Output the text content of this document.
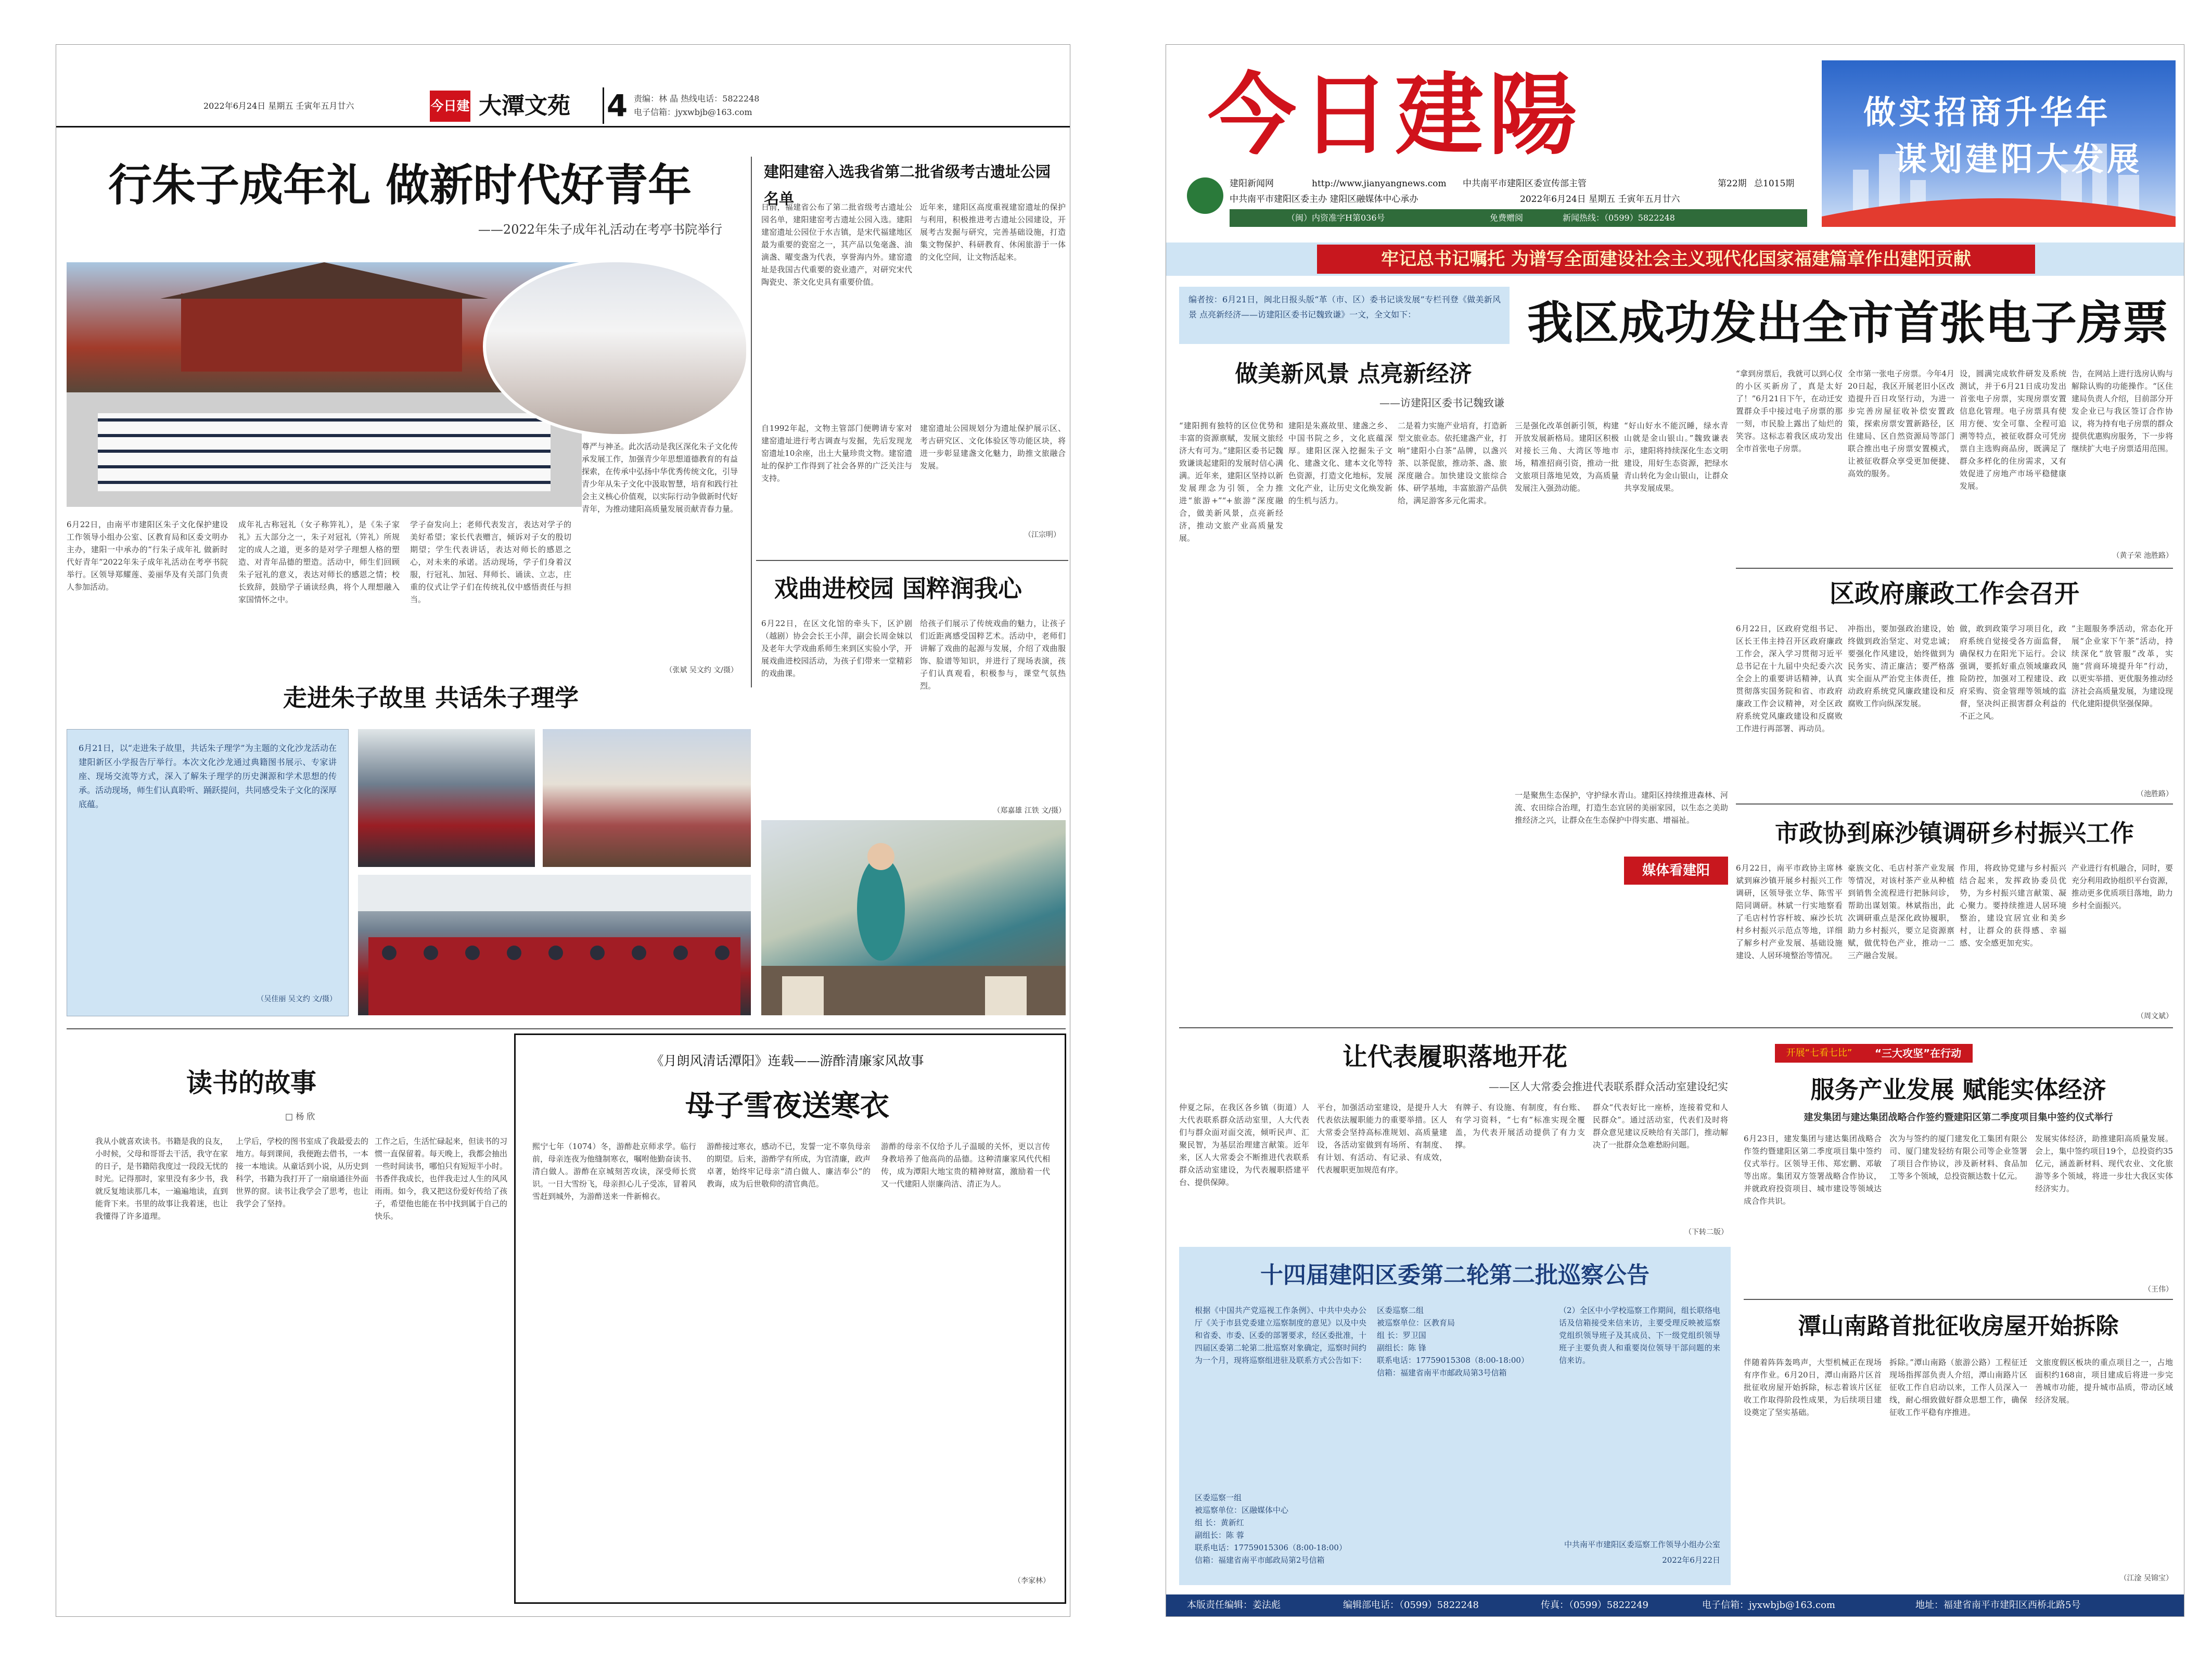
2022年6月24日 星期五 壬寅年五月廿六	今日建陽
大潭文苑	4 责编：林 晶 热线电话：5822248
电子信箱：jyxwbjb@163.com
行朱子成年礼 做新时代好青年
——2022年朱子成年礼活动在考亭书院举行
6月22日，由南平市建阳区朱子文化保护建设工作领导小组办公室、区教育局和区委文明办主办，建阳一中承办的“行朱子成年礼 做新时代好青年”2022年朱子成年礼活动在考亭书院举行。区领导郑耀莲、姜丽华及有关部门负责人参加活动。
成年礼古称冠礼（女子称笄礼），是《朱子家礼》五大部分之一，朱子对冠礼（笄礼）所规定的成人之道，更多的是对学子理想人格的塑造、对青年品德的塑造。活动中，师生们回顾朱子冠礼的意义，表达对师长的感恩之情；校长致辞，鼓励学子诵读经典，将个人理想融入家国情怀之中。
学子奋发向上；老师代表发言，表达对学子的美好希望；家长代表赠言，倾诉对子女的殷切期望；学生代表讲话，表达对师长的感恩之心，对未来的承诺。活动现场，学子们身着汉服，行冠礼、加冠、拜师长、诵读、立志，庄重的仪式让学子们在传统礼仪中感悟责任与担当。
尊严与神圣。此次活动是我区深化朱子文化传承发展工作，加强青少年思想道德教育的有益探索，在传承中弘扬中华优秀传统文化，引导青少年从朱子文化中汲取智慧，培育和践行社会主义核心价值观，以实际行动争做新时代好青年，为推动建阳高质量发展贡献青春力量。
（张斌 吴文约 文/摄）
建阳建窑入选我省第二批省级考古遗址公园名单
日前，福建省公布了第二批省级考古遗址公园名单，建阳建窑考古遗址公园入选。建阳建窑遗址公园位于水吉镇，是宋代福建地区最为重要的瓷窑之一，其产品以兔毫盏、油滴盏、曜变盏为代表，享誉海内外。建窑遗址是我国古代重要的瓷业遗产，对研究宋代陶瓷史、茶文化史具有重要价值。
近年来，建阳区高度重视建窑遗址的保护与利用，积极推进考古遗址公园建设，开展考古发掘与研究，完善基础设施，打造集文物保护、科研教育、休闲旅游于一体的文化空间，让文物活起来。
自1992年起，文物主管部门便聘请专家对建窑遗址进行考古调查与发掘，先后发现龙窑遗址10余座，出土大量珍贵文物。建窑遗址的保护工作得到了社会各界的广泛关注与支持。
建窑遗址公园规划分为遗址保护展示区、考古研究区、文化体验区等功能区块，将进一步彰显建盏文化魅力，助推文旅融合发展。
（江宗明）
戏曲进校园 国粹润我心
6月22日，在区文化馆的牵头下，区沪剧（越剧）协会会长王小萍，副会长周金妹以及老年大学戏曲系师生来到区实验小学，开展戏曲进校园活动，为孩子们带来一堂精彩的戏曲课。
给孩子们展示了传统戏曲的魅力，让孩子们近距离感受国粹艺术。活动中，老师们讲解了戏曲的起源与发展，介绍了戏曲服饰、脸谱等知识，并进行了现场表演，孩子们认真观看，积极参与，课堂气氛热烈。
（郑嘉雄 江铁 文/摄）
走进朱子故里 共话朱子理学
6月21日，以“走进朱子故里，共话朱子理学”为主题的文化沙龙活动在建阳新区小学报告厅举行。本次文化沙龙通过典籍图书展示、专家讲座、现场交流等方式，深入了解朱子理学的历史渊源和学术思想的传承。活动现场，师生们认真聆听、踊跃提问，共同感受朱子文化的深厚底蕴。
（吴佳丽 吴文约 文/摄）
读书的故事
□ 杨 欣
我从小就喜欢读书。书籍是我的良友，小时候，父母和哥哥去干活，我守在家的日子，是书籍陪我度过一段段无忧的时光。记得那时，家里没有多少书，我就反复地读那几本，一遍遍地读，直到能背下来。书里的故事让我着迷，也让我懂得了许多道理。
上学后，学校的图书室成了我最爱去的地方。每到课间，我便跑去借书，一本接一本地读。从童话到小说，从历史到科学，书籍为我打开了一扇扇通往外面世界的窗。读书让我学会了思考，也让我学会了坚持。
工作之后，生活忙碌起来，但读书的习惯一直保留着。每天晚上，我都会抽出一些时间读书，哪怕只有短短半小时。书香伴我成长，也伴我走过人生的风风雨雨。如今，我又把这份爱好传给了孩子，希望他也能在书中找到属于自己的快乐。
《月朗风清话潭阳》连载——游酢清廉家风故事
母子雪夜送寒衣
熙宁七年（1074）冬，游酢赴京师求学。临行前，母亲连夜为他缝制寒衣，嘱咐他勤奋读书、清白做人。游酢在京城刻苦攻读，深受师长赏识。一日大雪纷飞，母亲担心儿子受冻，冒着风雪赶到城外，为游酢送来一件新棉衣。
游酢接过寒衣，感动不已，发誓一定不辜负母亲的期望。后来，游酢学有所成，为官清廉，政声卓著，始终牢记母亲“清白做人、廉洁奉公”的教诲，成为后世敬仰的清官典范。
游酢的母亲不仅给予儿子温暖的关怀，更以言传身教培养了他高尚的品德。这种清廉家风代代相传，成为潭阳大地宝贵的精神财富，激励着一代又一代建阳人崇廉尚洁、清正为人。
（李家林）
今日建陽
建阳新闻网	http://www.jianyangnews.com	中共南平市建阳区委宣传部主管	第22期 总1015期
中共南平市建阳区委主办 建阳区融媒体中心承办	2022年6月24日 星期五 壬寅年五月廿六
（闽）内资准字H第036号	免费赠阅	新闻热线：（0599）5822248
做实招商升华年
谋划建阳大发展
牢记总书记嘱托 为谱写全面建设社会主义现代化国家福建篇章作出建阳贡献
编者按：6月21日，闽北日报头版“革（市、区）委书记谈发展”专栏刊登《做美新风景 点亮新经济——访建阳区委书记魏致谦》一文，全文如下：
做美新风景 点亮新经济
——访建阳区委书记魏致谦
“建阳拥有独特的区位优势和丰富的资源禀赋，发展文旅经济大有可为。”建阳区委书记魏致谦谈起建阳的发展时信心满满。近年来，建阳区坚持以新发展理念为引领，全力推进“旅游+”“+旅游”深度融合，做美新风景，点亮新经济，推动文旅产业高质量发展。
建阳是朱熹故里、建盏之乡、中国书院之乡，文化底蕴深厚。建阳区深入挖掘朱子文化、建盏文化、建本文化等特色资源，打造文化地标，发展文化产业，让历史文化焕发新的生机与活力。
二是着力实施产业培育，打造新型文旅业态。依托建盏产业，打响“建阳小白茶”品牌，以盏兴茶、以茶促旅，推动茶、盏、旅深度融合。加快建设文旅综合体、研学基地，丰富旅游产品供给，满足游客多元化需求。
三是强化改革创新引领，构建开放发展新格局。建阳区积极对接长三角、大湾区等地市场，精准招商引资，推动一批文旅项目落地见效，为高质量发展注入强劲动能。
“好山好水不能沉睡，绿水青山就是金山银山。”魏致谦表示，建阳将持续深化生态文明建设，用好生态资源，把绿水青山转化为金山银山，让群众共享发展成果。
一是聚焦生态保护，守护绿水青山。建阳区持续推进森林、河流、农田综合治理，打造生态宜居的美丽家园，以生态之美助推经济之兴，让群众在生态保护中得实惠、增福祉。
媒体看建阳
我区成功发出全市首张电子房票
“拿到房票后，我就可以到心仪的小区买新房了，真是太好了！”6月21日下午，在动迁安置群众手中接过电子房票的那一刻，市民脸上露出了灿烂的笑容。这标志着我区成功发出全市首张电子房票。
全市第一张电子房票。今年4月20日起，我区开展老旧小区改造提升百日攻坚行动，为进一步完善房屋征收补偿安置政策，探索房票安置新路径，区住建局、区自然资源局等部门联合推出电子房票安置模式，让被征收群众享受更加便捷、高效的服务。
设，圆满完成软件研发及系统测试，并于6月21日成功发出首张电子房票，实现房票安置信息化管理。电子房票具有使用方便、安全可靠、全程可追溯等特点，被征收群众可凭房票自主选购商品房，既满足了群众多样化的住房需求，又有效促进了房地产市场平稳健康发展。
告，在网站上进行选房认购与解除认购的功能操作。“区住建局负责人介绍，目前部分开发企业已与我区签订合作协议，将为持有电子房票的群众提供优惠购房服务，下一步将继续扩大电子房票适用范围。
（黄子荣 池胜路）
区政府廉政工作会召开
6月22日，区政府党组书记、区长王伟主持召开区政府廉政工作会，深入学习贯彻习近平总书记在十九届中央纪委六次全会上的重要讲话精神，认真贯彻落实国务院和省、市政府廉政工作会议精神，对全区政府系统党风廉政建设和反腐败工作进行再部署、再动员。
冲指出，要加强政治建设，始终做到政治坚定、对党忠诚；要强化作风建设，始终做到为民务实、清正廉洁；要严格落实全面从严治党主体责任，推动政府系统党风廉政建设和反腐败工作向纵深发展。
做，敢到政策学习项目化，政府系统自觉接受各方面监督，确保权力在阳光下运行。会议强调，要抓好重点领域廉政风险防控，加强对工程建设、政府采购、资金管理等领域的监督，坚决纠正损害群众利益的不正之风。
”主题服务季活动，常态化开展“企业家下午茶”活动，持续深化“放管服”改革，实施“营商环境提升年”行动，以更实举措、更优服务推动经济社会高质量发展，为建设现代化建阳提供坚强保障。
（池胜路）
市政协到麻沙镇调研乡村振兴工作
6月22日，南平市政协主席林斌到麻沙镇开展乡村振兴工作调研，区领导张立华、陈雪平陪同调研。林斌一行实地察看了毛店村竹容杆坡、麻沙长坑村乡村振兴示范点等地，详细了解乡村产业发展、基础设施建设、人居环境整治等情况。
豪族文化、毛店村茶产业发展等情况，对该村茶产业从种植到销售全流程进行把脉问诊，帮助出谋划策。林斌指出，此次调研重点是深化政协履职，助力乡村振兴，要立足资源禀赋，做优特色产业，推动一二三产融合发展。
作用，将政协党建与乡村振兴结合起来，发挥政协委员优势，为乡村振兴建言献策、凝心聚力。要持续推进人居环境整治，建设宜居宜业和美乡村，让群众的获得感、幸福感、安全感更加充实。
产业进行有机融合，同时，要充分利用政协组织平台资源，推动更多优质项目落地，助力乡村全面振兴。
（周文斌）
让代表履职落地开花
——区人大常委会推进代表联系群众活动室建设纪实
仲夏之际，在我区各乡镇（街道）人大代表联系群众活动室里，人大代表们与群众面对面交流，倾听民声、汇聚民智，为基层治理建言献策。近年来，区人大常委会不断推进代表联系群众活动室建设，为代表履职搭建平台、提供保障。
平台，加强活动室建设，是提升人大代表依法履职能力的重要举措。区人大常委会坚持高标准规划、高质量建设，各活动室做到有场所、有制度、有计划、有活动、有记录、有成效，代表履职更加规范有序。
有牌子、有设施、有制度，有台账、有学习资料，“七有”标准实现全覆盖，为代表开展活动提供了有力支撑。
群众“代表好比一座桥，连接着党和人民群众”。通过活动室，代表们及时将群众意见建议反映给有关部门，推动解决了一批群众急难愁盼问题。
（下转二版）
十四届建阳区委第二轮第二批巡察公告
根据《中国共产党巡视工作条例》、中共中央办公厅《关于市县党委建立巡察制度的意见》以及中央和省委、市委、区委的部署要求，经区委批准，十四届区委第二轮第二批巡察对象确定，巡察时间约为一个月，现将巡察组进驻及联系方式公告如下：
区委巡察一组
被巡察单位：区融媒体中心
组 长：黄新红
副组长：陈 蓉
联系电话：17759015306（8:00-18:00）
信箱：福建省南平市邮政局第2号信箱
区委巡察二组
被巡察单位：区教育局
组 长：罗卫国
副组长：陈 锋
联系电话：17759015308（8:00-18:00）
信箱：福建省南平市邮政局第3号信箱
（2）全区中小学校巡察工作期间，组长联络电话及信箱接受来信来访，主要受理反映被巡察党组织领导班子及其成员、下一级党组织领导班子主要负责人和重要岗位领导干部问题的来信来访。
中共南平市建阳区委巡察工作领导小组办公室
2022年6月22日
开展“七看七比”	“三大攻坚”在行动
服务产业发展 赋能实体经济
建发集团与建达集团战略合作签约暨建阳区第二季度项目集中签约仪式举行
6月23日，建发集团与建达集团战略合作签约暨建阳区第二季度项目集中签约仪式举行。区领导王伟、郑宏鹏、邓敏等出席。集团双方签署战略合作协议，并就政府投资项目、城市建设等领域达成合作共识。
次为与签约的厦门建发化工集团有限公司、厦门建发轻纺有限公司等企业签署了项目合作协议，涉及新材料、食品加工等多个领域，总投资额达数十亿元。
发展实体经济，助推建阳高质量发展。会上，集中签约项目19个，总投资约35亿元，涵盖新材料、现代农业、文化旅游等多个领域，将进一步壮大我区实体经济实力。
（王伟）
潭山南路首批征收房屋开始拆除
伴随着阵阵轰鸣声，大型机械正在现场有序作业。6月20日，潭山南路片区首批征收房屋开始拆除，标志着该片区征收工作取得阶段性成果，为后续项目建设奠定了坚实基础。
拆除。”潭山南路（旅游公路）工程征迁现场指挥部负责人介绍，潭山南路片区征收工作自启动以来，工作人员深入一线，耐心细致做好群众思想工作，确保征收工作平稳有序推进。
文旅度假区板块的重点项目之一，占地面积约168亩，项目建成后将进一步完善城市功能，提升城市品质，带动区域经济发展。
（江淦 吴锦宝）
本版责任编辑：姜法彪	编辑部电话：（0599）5822248	传真：（0599）5822249	电子信箱：jyxwbjb@163.com	地址：福建省南平市建阳区西桥北路5号
